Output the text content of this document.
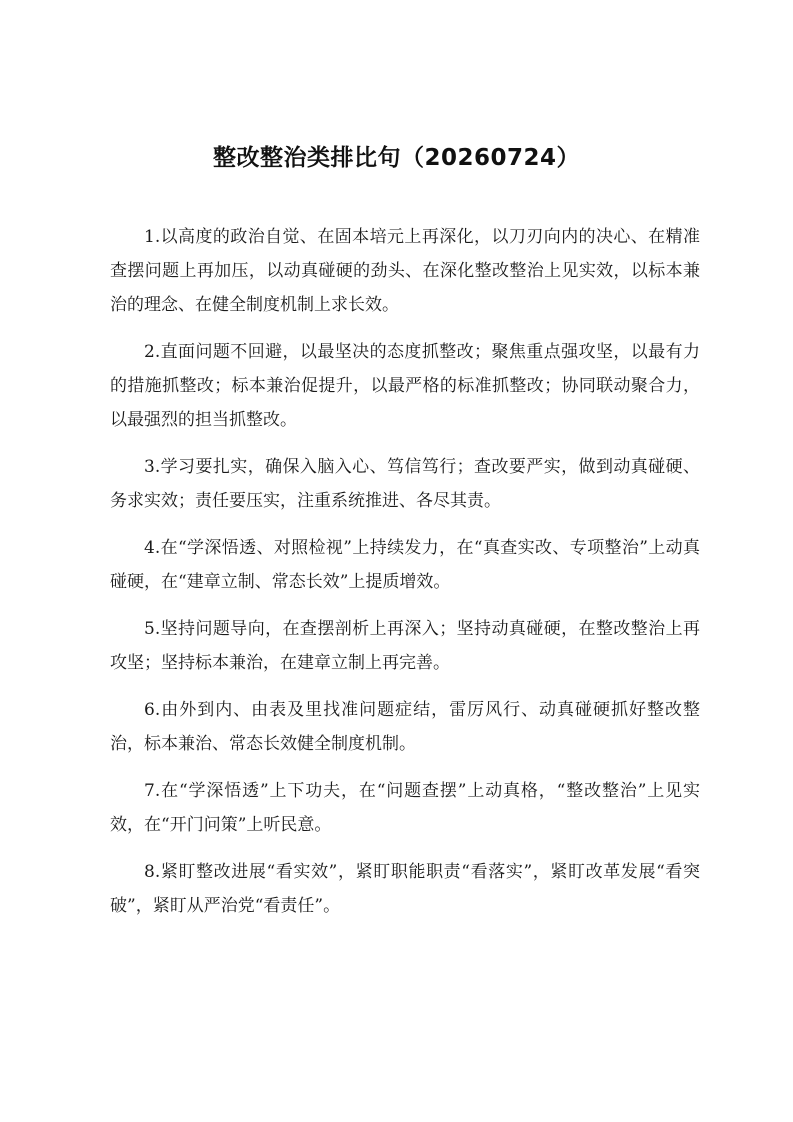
整改整治类排比句（20260724）

1.以高度的政治自觉、在固本培元上再深化，以刀刃向内的决心、在精准查摆问题上再加压，以动真碰硬的劲头、在深化整改整治上见实效，以标本兼治的理念、在健全制度机制上求长效。

2.直面问题不回避，以最坚决的态度抓整改；聚焦重点强攻坚，以最有力的措施抓整改；标本兼治促提升，以最严格的标准抓整改；协同联动聚合力，以最强烈的担当抓整改。

3.学习要扎实，确保入脑入心、笃信笃行；查改要严实，做到动真碰硬、务求实效；责任要压实，注重系统推进、各尽其责。

4.在“学深悟透、对照检视”上持续发力，在“真查实改、专项整治”上动真碰硬，在“建章立制、常态长效”上提质增效。

5.坚持问题导向，在查摆剖析上再深入；坚持动真碰硬，在整改整治上再攻坚；坚持标本兼治，在建章立制上再完善。

6.由外到内、由表及里找准问题症结，雷厉风行、动真碰硬抓好整改整治，标本兼治、常态长效健全制度机制。

7.在“学深悟透”上下功夫，在“问题查摆”上动真格，“整改整治”上见实效，在“开门问策”上听民意。

8.紧盯整改进展“看实效”，紧盯职能职责“看落实”，紧盯改革发展“看突破”，紧盯从严治党“看责任”。
